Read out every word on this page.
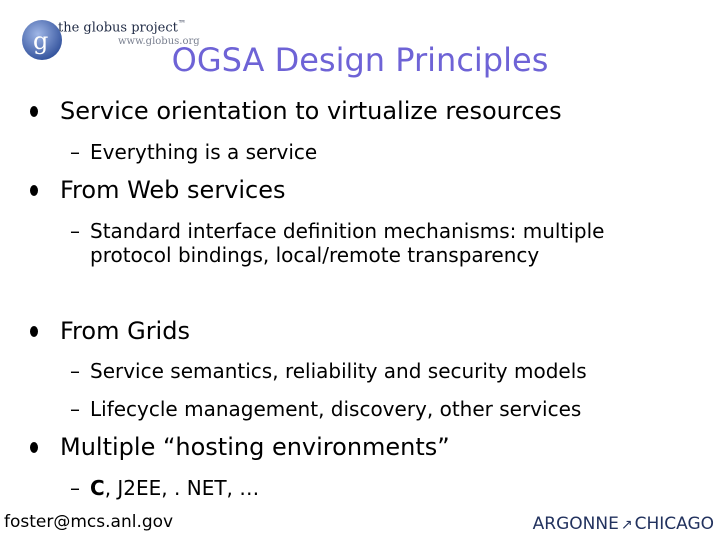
g the globus project™
www.globus.org
OGSA Design Principles
Service orientation to virtualize resources
– Everything is a service
From Web services
– Standard interface definition mechanisms: multiple protocol bindings, local/remote transparency
From Grids
– Service semantics, reliability and security models
– Lifecycle management, discovery, other services
Multiple “hosting environments”
– C, J2EE, . NET, …
foster@mcs.anl.gov	ARGONNE ↗ CHICAGO
